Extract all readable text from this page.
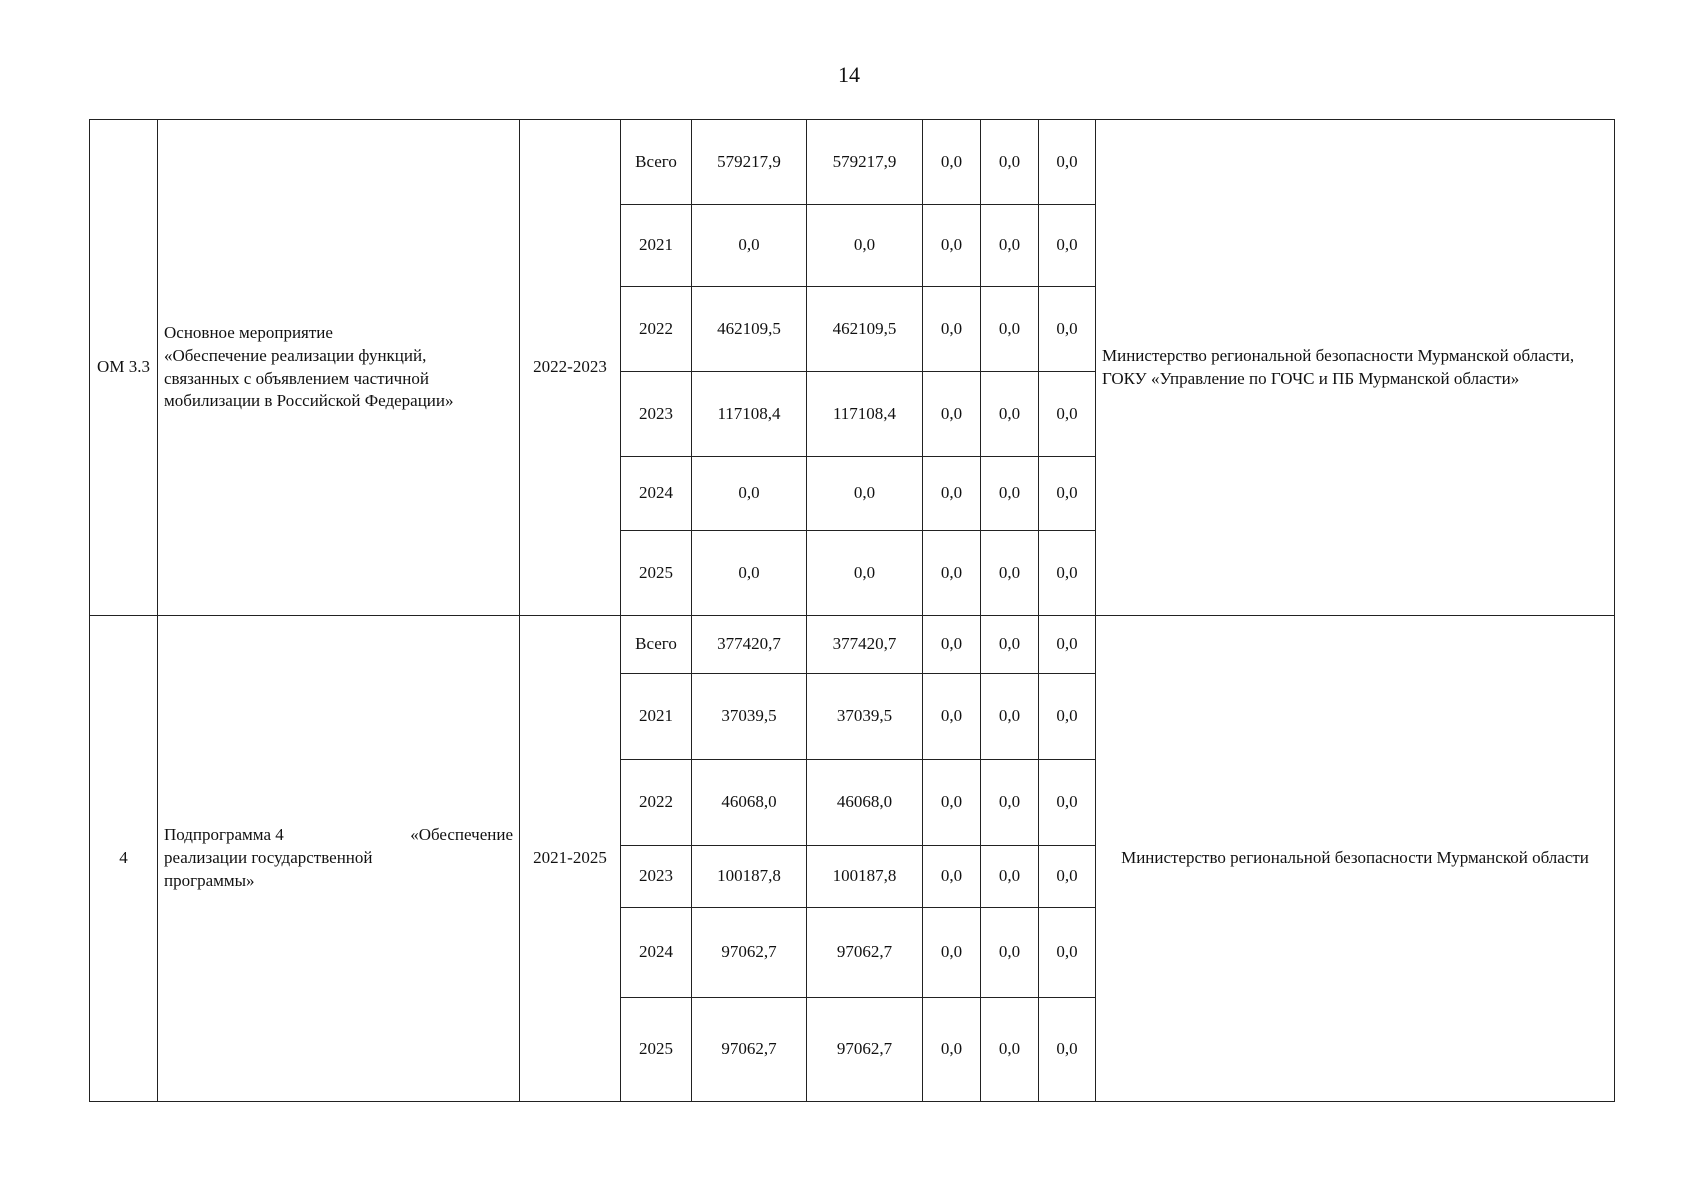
14
ОМ 3.3	Основное мероприятие
«Обеспечение реализации функций,
связанных с объявлением частичной
мобилизации в Российской Федерации»	2022-2023	Всего	579217,9	579217,9	0,0	0,0	0,0	Министерство региональной безопасности Мурманской области, ГОКУ «Управление по ГОЧС и ПБ Мурманской области»
			2021	0,0	0,0	0,0	0,0	0,0	
			2022	462109,5	462109,5	0,0	0,0	0,0	
			2023	117108,4	117108,4	0,0	0,0	0,0	
			2024	0,0	0,0	0,0	0,0	0,0	
			2025	0,0	0,0	0,0	0,0	0,0	
4	Подпрограмма 4 «Обеспечение
реализации государственной
программы»	2021-2025	Всего	377420,7	377420,7	0,0	0,0	0,0	Министерство региональной безопасности Мурманской области
			2021	37039,5	37039,5	0,0	0,0	0,0	
			2022	46068,0	46068,0	0,0	0,0	0,0	
			2023	100187,8	100187,8	0,0	0,0	0,0	
			2024	97062,7	97062,7	0,0	0,0	0,0	
			2025	97062,7	97062,7	0,0	0,0	0,0	
